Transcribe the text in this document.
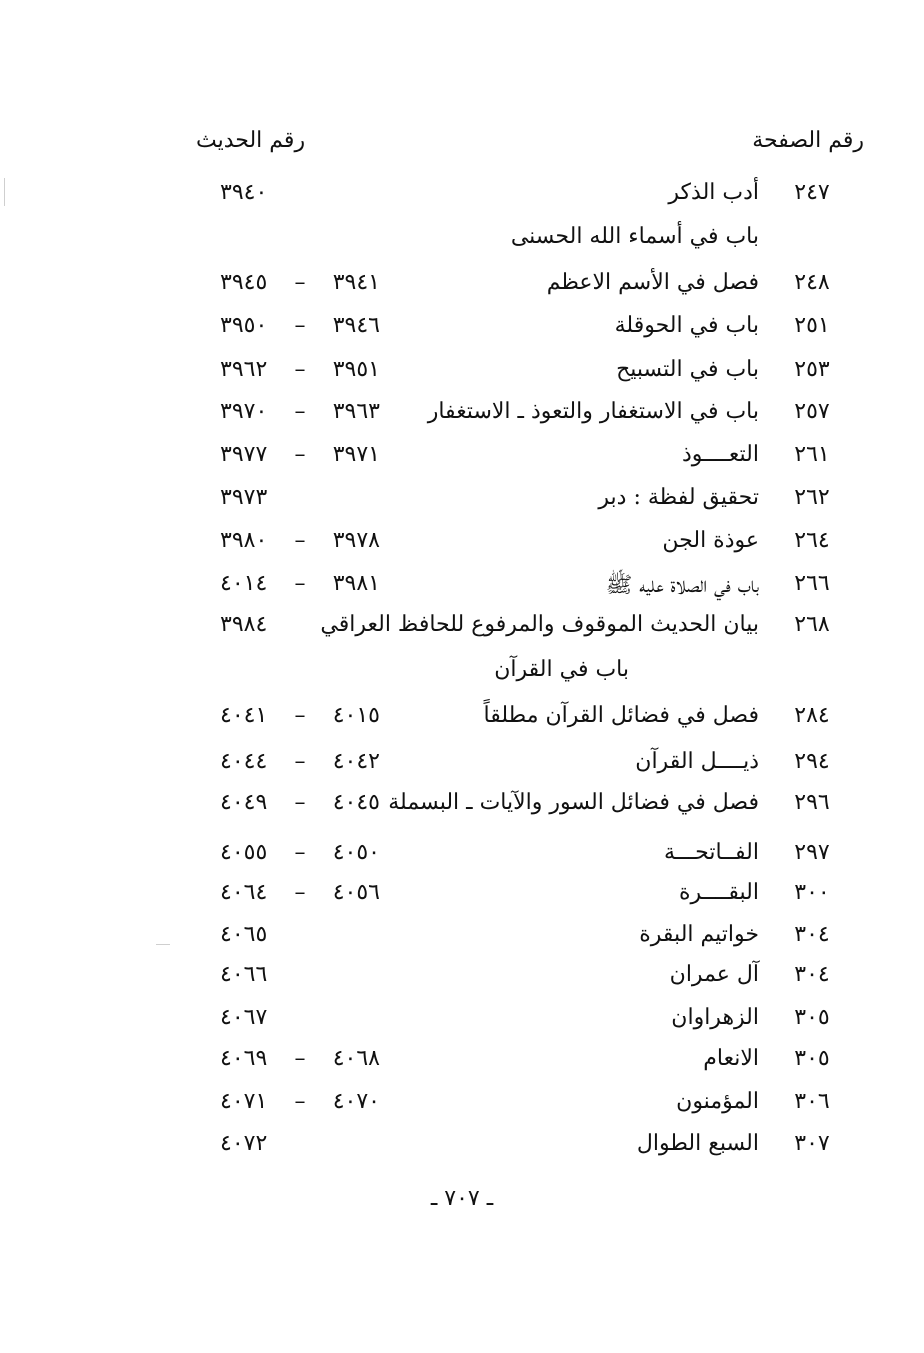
رقم الصفحة
رقم الحديث
٢٤٧
أدب الذكر
٣٩٤٠
باب في أسماء الله الحسنى
٢٤٨
فصل في الأسم الاعظم
٣٩٤٥ – ٣٩٤١
٢٥١
باب في الحوقلة
٣٩٥٠ – ٣٩٤٦
٢٥٣
باب في التسبيح
٣٩٦٢ – ٣٩٥١
٢٥٧
باب في الاستغفار والتعوذ ـ الاستغفار
٣٩٧٠ – ٣٩٦٣
٢٦١
التعــــوذ
٣٩٧٧ – ٣٩٧١
٢٦٢
تحقيق لفظة : دبر
٣٩٧٣
٢٦٤
عوذة الجن
٣٩٨٠ – ٣٩٧٨
٢٦٦
باب في الصلاة عليه ﷺ
٤٠١٤ – ٣٩٨١
٢٦٨
بيان الحديث الموقوف والمرفوع للحافظ العراقي
٣٩٨٤
باب في القرآن
٢٨٤
فصل في فضائل القرآن مطلقاً
٤٠٤١ – ٤٠١٥
٢٩٤
ذيــــل القرآن
٤٠٤٤ – ٤٠٤٢
٢٩٦
فصل في فضائل السور والآيات ـ البسملة
٤٠٤٩ – ٤٠٤٥
٢٩٧
الفــاتحـــة
٤٠٥٥ – ٤٠٥٠
٣٠٠
البقــــرة
٤٠٦٤ – ٤٠٥٦
٣٠٤
خواتيم البقرة
٤٠٦٥
٣٠٤
آل عمران
٤٠٦٦
٣٠٥
الزهراوان
٤٠٦٧
٣٠٥
الانعام
٤٠٦٩ – ٤٠٦٨
٣٠٦
المؤمنون
٤٠٧١ – ٤٠٧٠
٣٠٧
السبع الطوال
٤٠٧٢
ـ ٧٠٧ ـ
